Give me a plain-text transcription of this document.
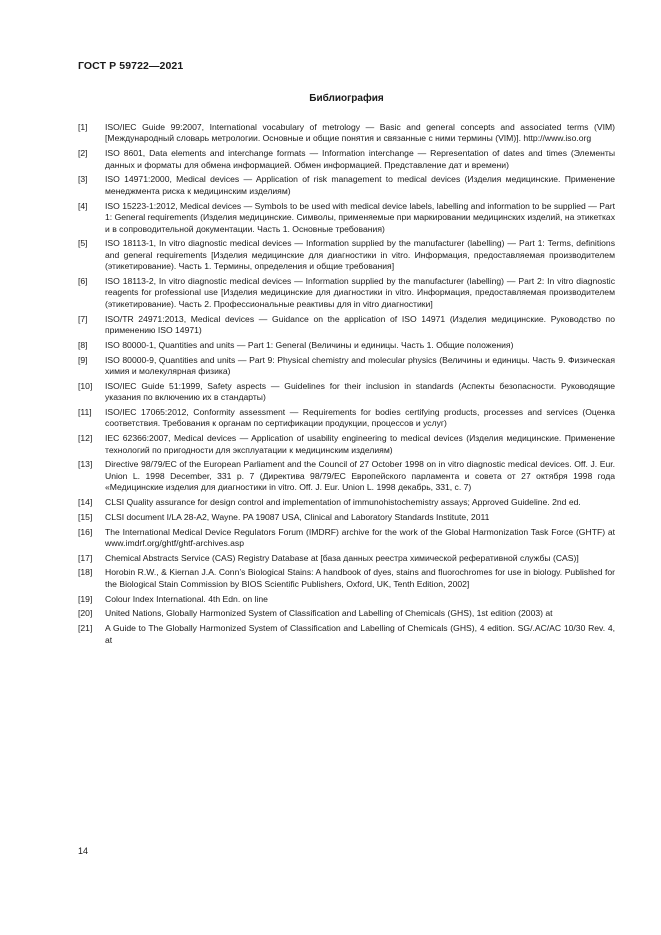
ГОСТ Р 59722—2021
Библиография
[1]	ISO/IEC Guide 99:2007, International vocabulary of metrology — Basic and general concepts and associated terms (VIM) [Международный словарь метрологии. Основные и общие понятия и связанные с ними термины (VIM)]. http://www.iso.org
[2]	ISO 8601, Data elements and interchange formats — Information interchange — Representation of dates and times (Элементы данных и форматы для обмена информацией. Обмен информацией. Представление дат и времени)
[3]	ISO 14971:2000, Medical devices — Application of risk management to medical devices (Изделия медицинские. Применение менеджмента риска к медицинским изделиям)
[4]	ISO 15223-1:2012, Medical devices — Symbols to be used with medical device labels, labelling and information to be supplied — Part 1: General requirements (Изделия медицинские. Символы, применяемые при маркировании медицинских изделий, на этикетках и в сопроводительной документации. Часть 1. Основные требования)
[5]	ISO 18113-1, In vitro diagnostic medical devices — Information supplied by the manufacturer (labelling) — Part 1: Terms, definitions and general requirements [Изделия медицинские для диагностики in vitro. Информация, предоставляемая производителем (этикетирование). Часть 1. Термины, определения и общие требования]
[6]	ISO 18113-2, In vitro diagnostic medical devices — Information supplied by the manufacturer (labelling) — Part 2: In vitro diagnostic reagents for professional use [Изделия медицинские для диагностики in vitro. Информация, предоставляемая производителем (этикетирование). Часть 2. Профессиональные реактивы для in vitro диагностики]
[7]	ISO/TR 24971:2013, Medical devices — Guidance on the application of ISO 14971 (Изделия медицинские. Руководство по применению ISO 14971)
[8]	ISO 80000-1, Quantities and units — Part 1: General (Величины и единицы. Часть 1. Общие положения)
[9]	ISO 80000-9, Quantities and units — Part 9: Physical chemistry and molecular physics (Величины и единицы. Часть 9. Физическая химия и молекулярная физика)
[10]	ISO/IEC Guide 51:1999, Safety aspects — Guidelines for their inclusion in standards (Аспекты безопасности. Руководящие указания по включению их в стандарты)
[11]	ISO/IEC 17065:2012, Conformity assessment — Requirements for bodies certifying products, processes and services (Оценка соответствия. Требования к органам по сертификации продукции, процессов и услуг)
[12]	IEC 62366:2007, Medical devices — Application of usability engineering to medical devices (Изделия медицинские. Применение технологий по пригодности для эксплуатации к медицинским изделиям)
[13]	Directive 98/79/EC of the European Parliament and the Council of 27 October 1998 on in vitro diagnostic medical devices. Off. J. Eur. Union L. 1998 December, 331 p. 7 (Директива 98/79/ЕС Европейского парламента и совета от 27 октября 1998 года «Медицинские изделия для диагностики in vitro. Off. J. Eur. Union L. 1998 декабрь, 331, с. 7)
[14]	CLSI Quality assurance for design control and implementation of immunohistochemistry assays; Approved Guideline. 2nd ed.
[15]	CLSI document I/LA 28-A2, Wayne. PA 19087 USA, Clinical and Laboratory Standards Institute, 2011
[16]	The International Medical Device Regulators Forum (IMDRF) archive for the work of the Global Harmonization Task Force (GHTF) at www.imdrf.org/ghtf/ghtf-archives.asp
[17]	Chemical Abstracts Service (CAS) Registry Database at [база данных реестра химической реферативной службы (CAS)]
[18]	Horobin R.W., & Kiernan J.A. Conn’s Biological Stains: A handbook of dyes, stains and fluorochromes for use in biology. Published for the Biological Stain Commission by BIOS Scientific Publishers, Oxford, UK, Tenth Edition, 2002]
[19]	Colour Index International. 4th Edn. on line
[20]	United Nations, Globally Harmonized System of Classification and Labelling of Chemicals (GHS), 1st edition (2003) at
[21]	A Guide to The Globally Harmonized System of Classification and Labelling of Chemicals (GHS), 4 edition. SG/.AC/AC 10/30 Rev. 4, at
14
